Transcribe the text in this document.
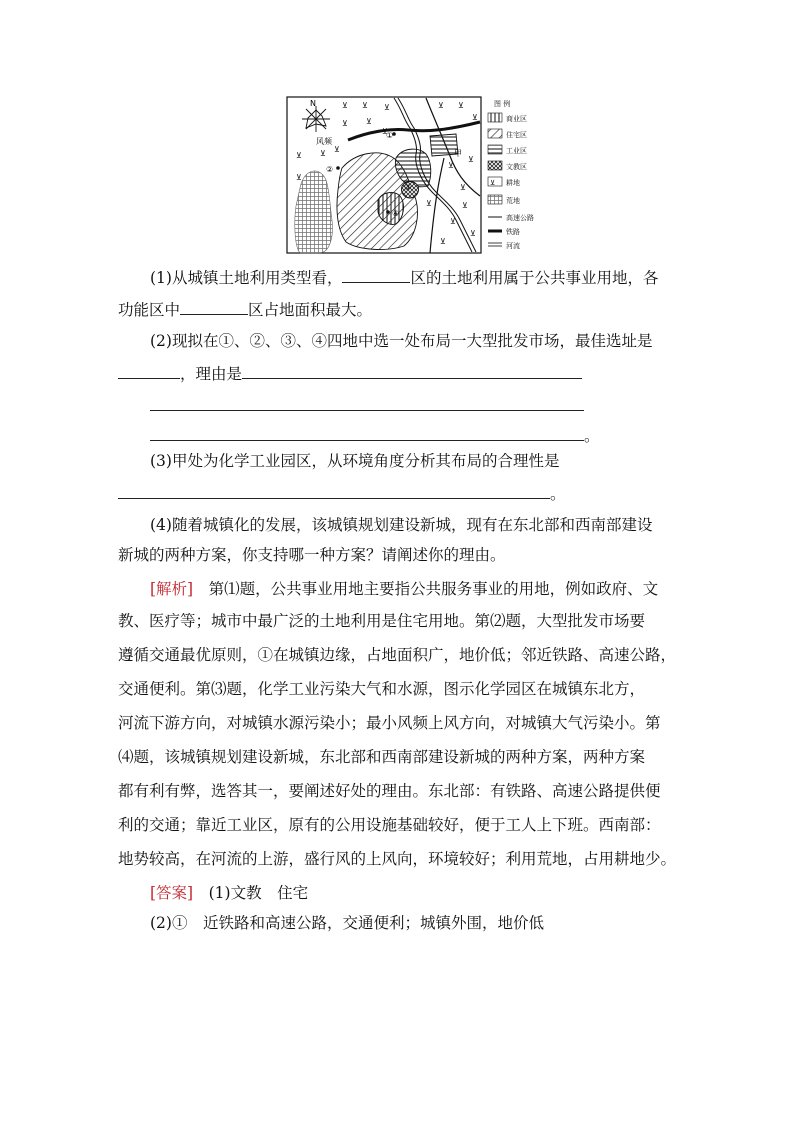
N
风频
⊻ ⊻ ⊻	⊻ ⊻
⊻
⊻ ⊻
⊻
⊻ ⊻ ⊻
⊻
⊻
⊻
⊻
⊻
⊻
⊻
⊻
⊻
①
②
③
④
甲
图 例
商业区
住宅区
工业区
文教区
⊻ 耕地
荒地
高速公路
铁路
河流
(1)从城镇土地利用类型看，	区的土地利用属于公共事业用地，各
功能区中	区占地面积最大。
(2)现拟在①、②、③、④四地中选一处布局一大型批发市场，最佳选址是
，理由是
。
(3)甲处为化学工业园区，从环境角度分析其布局的合理性是
。
(4)随着城镇化的发展，该城镇规划建设新城，现有在东北部和西南部建设
新城的两种方案，你支持哪一种方案？请阐述你的理由。
[解析]　 第⑴题，公共事业用地主要指公共服务事业的用地，例如政府、文
教、医疗等；城市中最广泛的土地利用是住宅用地。第⑵题，大型批发市场要
遵循交通最优原则，①在城镇边缘，占地面积广，地价低；邻近铁路、高速公路，
交通便利。第⑶题，化学工业污染大气和水源，图示化学园区在城镇东北方，
河流下游方向，对城镇水源污染小；最小风频上风方向，对城镇大气污染小。第
⑷题，该城镇规划建设新城，东北部和西南部建设新城的两种方案，两种方案
都有利有弊，选答其一，要阐述好处的理由。东北部：有铁路、高速公路提供便
利的交通；靠近工业区，原有的公用设施基础较好，便于工人上下班。西南部：
地势较高，在河流的上游，盛行风的上风向，环境较好；利用荒地，占用耕地少。
[答案]　 (1)文教　住宅
(2)①　近铁路和高速公路，交通便利；城镇外围，地价低
